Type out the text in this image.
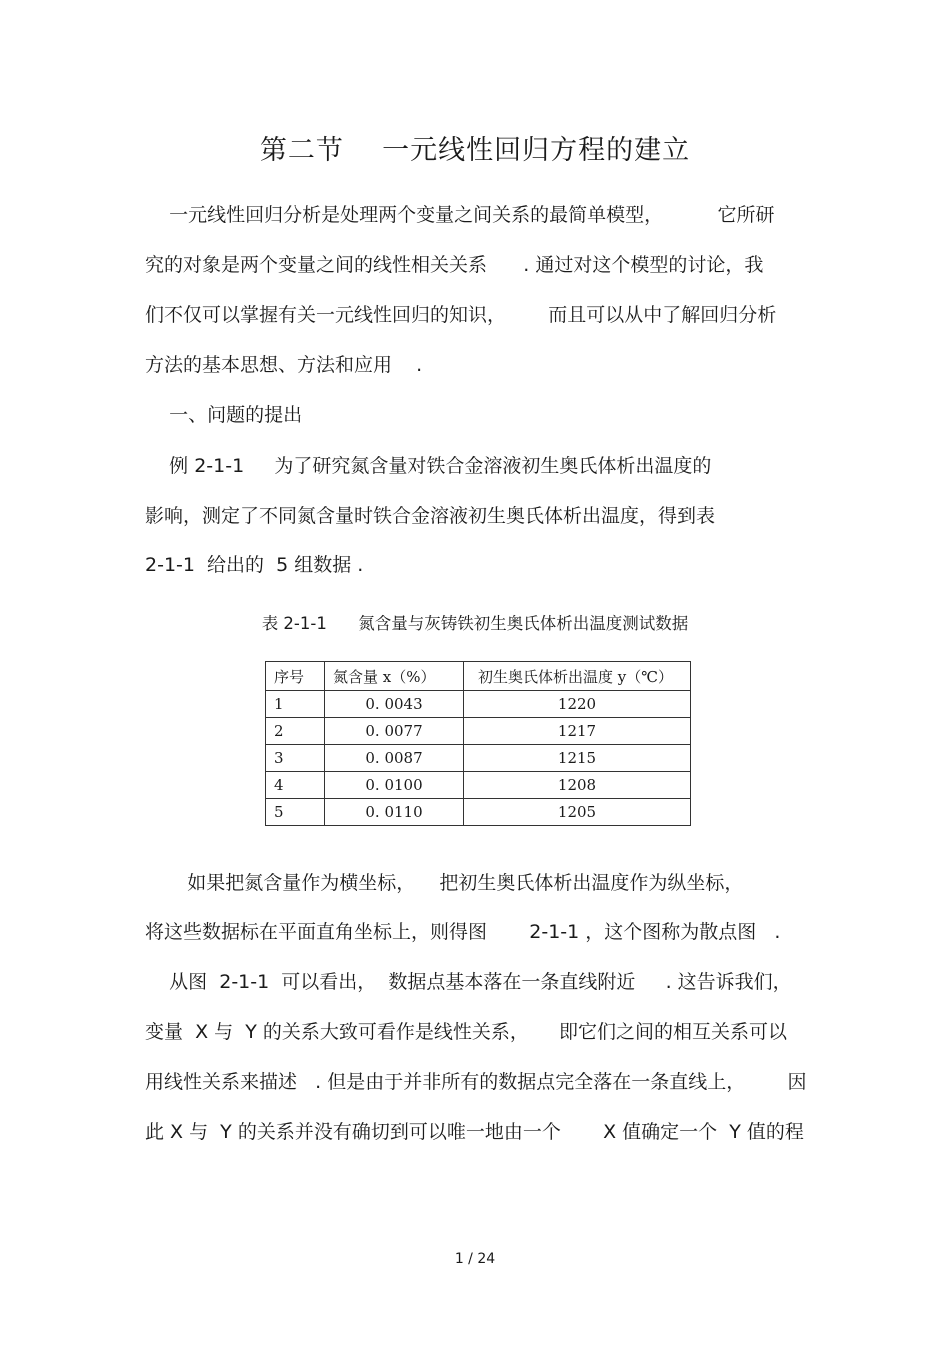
第二节    一元线性回归方程的建立
一元线性回归分析是处理两个变量之间关系的最简单模型，         它所研
究的对象是两个变量之间的线性相关关系      . 通过对这个模型的讨论，我
们不仅可以掌握有关一元线性回归的知识，       而且可以从中了解回归分析
方法的基本思想、方法和应用    .
一、问题的提出
例 2-1-1     为了研究氮含量对铁合金溶液初生奥氏体析出温度的
影响，测定了不同氮含量时铁合金溶液初生奥氏体析出温度，得到表
2-1-1  给出的  5 组数据 .
表 2-1-1      氮含量与灰铸铁初生奥氏体析出温度测试数据
序号	氮含量 x（%）	初生奥氏体析出温度 y（℃）
1	0. 0043	1220
2	0. 0077	1217
3	0. 0087	1215
4	0. 0100	1208
5	0. 0110	1205
如果把氮含量作为横坐标，    把初生奥氏体析出温度作为纵坐标，
将这些数据标在平面直角坐标上，则得图       2-1-1 ，这个图称为散点图   .
从图  2-1-1  可以看出，  数据点基本落在一条直线附近     . 这告诉我们，
变量  X 与  Y 的关系大致可看作是线性关系，     即它们之间的相互关系可以
用线性关系来描述   . 但是由于并非所有的数据点完全落在一条直线上，       因
此 X 与  Y 的关系并没有确切到可以唯一地由一个       X 值确定一个  Y 值的程
1 / 24
